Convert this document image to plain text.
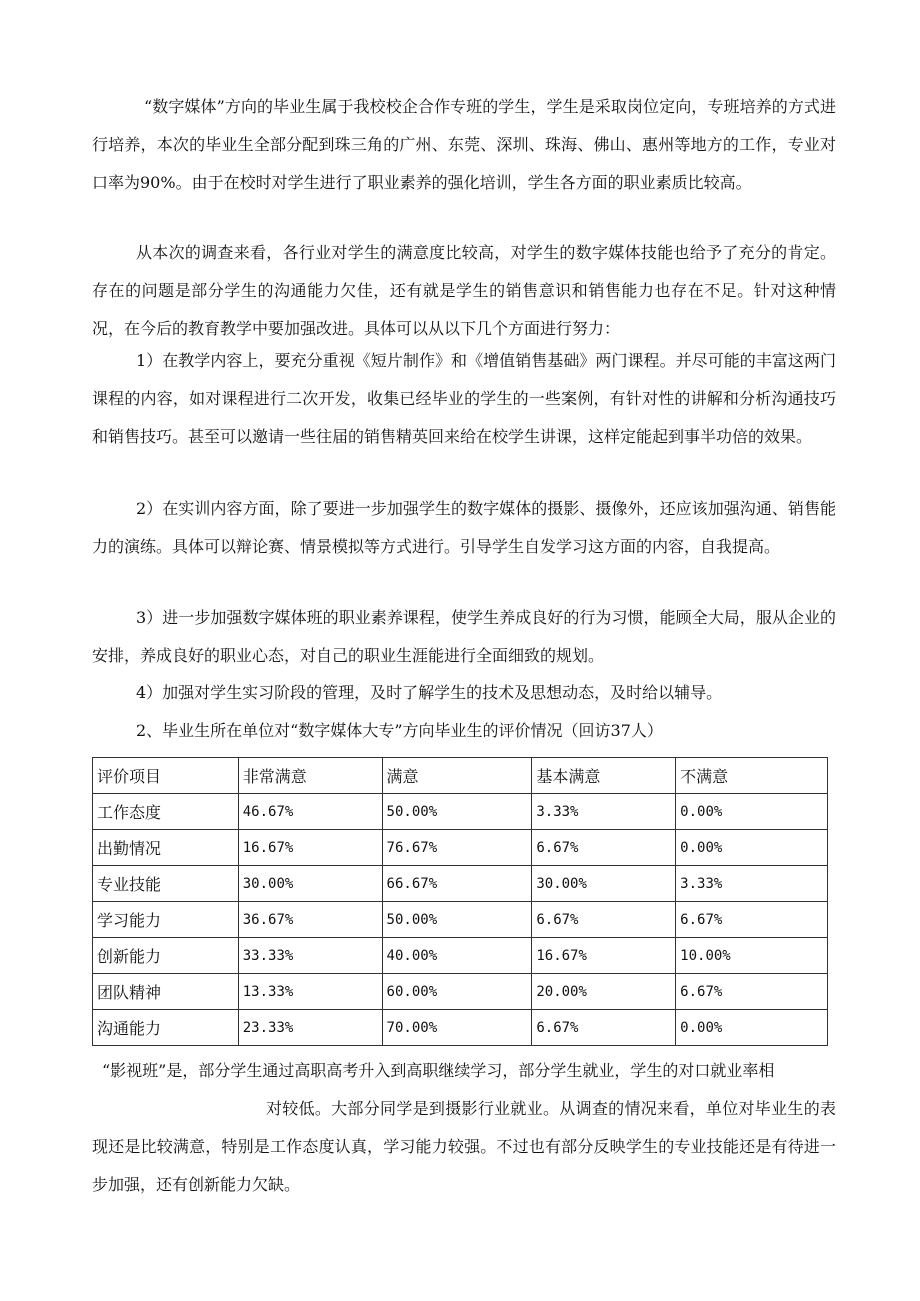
“数字媒体”方向的毕业生属于我校校企合作专班的学生，学生是采取岗位定向，专班培养的方式进行培养，本次的毕业生全部分配到珠三角的广州、东莞、深圳、珠海、佛山、惠州等地方的工作，专业对口率为90%。由于在校时对学生进行了职业素养的强化培训，学生各方面的职业素质比较高。

从本次的调查来看，各行业对学生的满意度比较高，对学生的数字媒体技能也给予了充分的肯定。存在的问题是部分学生的沟通能力欠佳，还有就是学生的销售意识和销售能力也存在不足。针对这种情况，在今后的教育教学中要加强改进。具体可以从以下几个方面进行努力：

1）在教学内容上，要充分重视《短片制作》和《增值销售基础》两门课程。并尽可能的丰富这两门课程的内容，如对课程进行二次开发，收集已经毕业的学生的一些案例，有针对性的讲解和分析沟通技巧和销售技巧。甚至可以邀请一些往届的销售精英回来给在校学生讲课，这样定能起到事半功倍的效果。

2）在实训内容方面，除了要进一步加强学生的数字媒体的摄影、摄像外，还应该加强沟通、销售能力的演练。具体可以辩论赛、情景模拟等方式进行。引导学生自发学习这方面的内容，自我提高。

3）进一步加强数字媒体班的职业素养课程，使学生养成良好的行为习惯，能顾全大局，服从企业的安排，养成良好的职业心态，对自己的职业生涯能进行全面细致的规划。

4）加强对学生实习阶段的管理，及时了解学生的技术及思想动态，及时给以辅导。

2、毕业生所在单位对“数字媒体大专”方向毕业生的评价情况（回访37人）
评价项目	非常满意	满意	基本满意	不满意
工作态度	46.67%	50.00%	3.33%	0.00%
出勤情况	16.67%	76.67%	6.67%	0.00%
专业技能	30.00%	66.67%	30.00%	3.33%
学习能力	36.67%	50.00%	6.67%	6.67%
创新能力	33.33%	40.00%	16.67%	10.00%
团队精神	13.33%	60.00%	20.00%	6.67%
沟通能力	23.33%	70.00%	6.67%	0.00%

“影视班”是，部分学生通过高职高考升入到高职继续学习，部分学生就业，学生的对口就业率相

对较低。大部分同学是到摄影行业就业。从调查的情况来看，单位对毕业生的表现还是比较满意，特别是工作态度认真，学习能力较强。不过也有部分反映学生的专业技能还是有待进一步加强，还有创新能力欠缺。
